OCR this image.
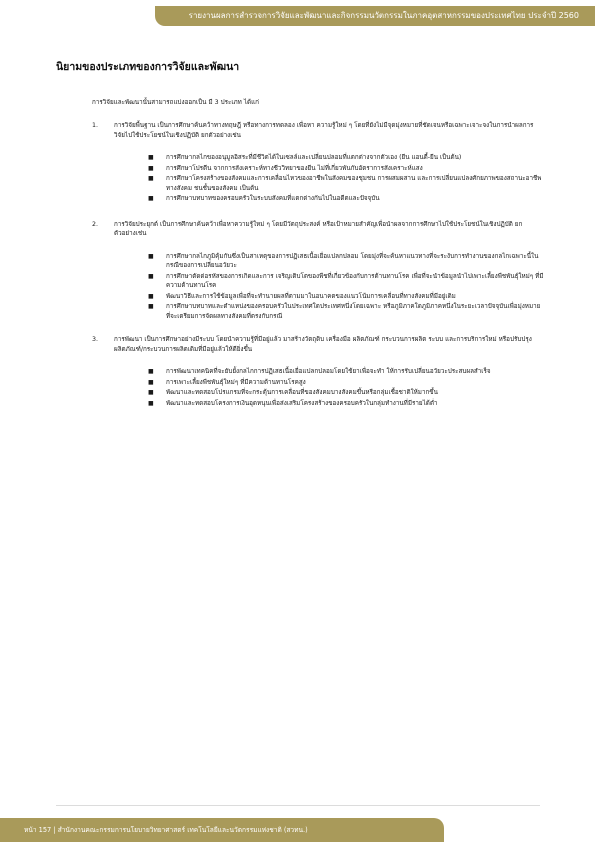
รายงานผลการสำรวจการวิจัยและพัฒนาและกิจกรรมนวัตกรรมในภาคอุตสาหกรรมของประเทศไทย ประจำปี 2560
นิยามของประเภทของการวิจัยและพัฒนา

การวิจัยและพัฒนานั้นสามารถแบ่งออกเป็น มี 3 ประเภท ได้แก่

1.	การวิจัยพื้นฐาน เป็นการศึกษาค้นคว้าทางทฤษฎี หรือทางการทดลอง เพื่อหา ความรู้ใหม่ ๆ โดยที่ยังไม่มีจุดมุ่งหมายที่ชัดเจนหรือเฉพาะเจาะจงในการนำผลการวิจัยไปใช้ประโยชน์ในเชิงปฏิบัติ ยกตัวอย่างเช่น

■ การศึกษากลไกของอนุมูลอิสระที่มีชีวิตได้ในเซลล์และเปลี่ยนปลอมที่แตกต่างจากตัวเอง (ยีน แอนตี้-ยีน เป็นต้น)
■ การศึกษาโปรตีน จากการสังเคราะห์ทางชีววิทยาของยีน ไม่ที่เกี่ยวพันกับอัตราการสังเคราะห์แสง
■ การศึกษาโครงสร้างของสังคมและการเคลื่อนไหวของอาชีพในสังคมของชุมชน การผสมผสาน และการเปลี่ยนแปลงศักยภาพของสถานะอาชีพทางสังคม ชนชั้นของสังคม เป็นต้น
■ การศึกษาบทบาทของครอบครัวในระบบสังคมที่แตกต่างกันไปในอดีตและปัจจุบัน
2.	การวิจัยประยุกต์ เป็นการศึกษาค้นคว้าเพื่อหาความรู้ใหม่ ๆ โดยมีวัตถุประสงค์ หรือเป้าหมายสำคัญเพื่อนำผลจากการศึกษาไปใช้ประโยชน์ในเชิงปฏิบัติ ยกตัวอย่างเช่น

■ การศึกษากลไกภูมิคุ้มกันซึ่งเป็นสาเหตุของการปฏิเสธเนื้อเยื่อแปลกปลอม โดยมุ่งที่จะค้นหาแนวทางที่จะระงับการทำงานของกลไกเฉพาะนี้ในกรณีของการเปลี่ยนอวัยวะ
■ การศึกษาตัดต่อรหัสของการเกิดและการ เจริญเติบโตของพืชที่เกี่ยวข้องกับการต้านทานโรค เพื่อที่จะนำข้อมูลนำไปเพาะเลี้ยงพืชพันธุ์ใหม่ๆ ที่มีความต้านทานโรค
■ พัฒนาวิธีและการใช้ข้อมูลเพื่อที่จะทำนายผลที่ตามมาในอนาคตของแนวโน้มการเคลื่อนที่ทางสังคมที่มีอยู่เดิม
■ การศึกษาบทบาทและตำแหน่งของครอบครัวในประเทศใดประเทศหนึ่งโดยเฉพาะ หรือภูมิภาคใดภูมิภาคหนึ่งในระยะเวลาปัจจุบันเพื่อมุ่งหมายที่จะเตรียมการจัดผลทางสังคมที่ตรงกับกรณี
3.	การพัฒนา เป็นการศึกษาอย่างมีระบบ โดยนำความรู้ที่มีอยู่แล้ว มาสร้างวัตถุดิบ เครื่องมือ ผลิตภัณฑ์ กระบวนการผลิต ระบบ และการบริการใหม่ หรือปรับปรุงผลิตภัณฑ์/กระบวนการผลิตเดิมที่มีอยู่แล้วให้ดียิ่งขึ้น

■ การพัฒนาเทคนิคที่จะยับยั้งกลไกการปฏิเสธเนื้อเยื่อแปลกปลอมโดยใช้ยาเพื่อจะทำ ให้การรับเปลี่ยนอวัยวะประสบผลสำเร็จ
■ การเพาะเลี้ยงพืชพันธุ์ใหม่ๆ ที่มีความต้านทานโรคสูง
■ พัฒนาและทดสอบโปรแกรมที่จะกระตุ้นการเคลื่อนที่ของสังคมบางสังคมขึ้นหรือกลุ่มเชื้อชาติให้มากขึ้น
■ พัฒนาและทดสอบโครงการเงินอุดหนุนเพื่อส่งเสริมโครงสร้างของครอบครัวในกลุ่มทำงานที่มีรายได้ต่ำ
หน้า 157 | สำนักงานคณะกรรมการนโยบายวิทยาศาสตร์ เทคโนโลยีและนวัตกรรมแห่งชาติ (สวทน.)
